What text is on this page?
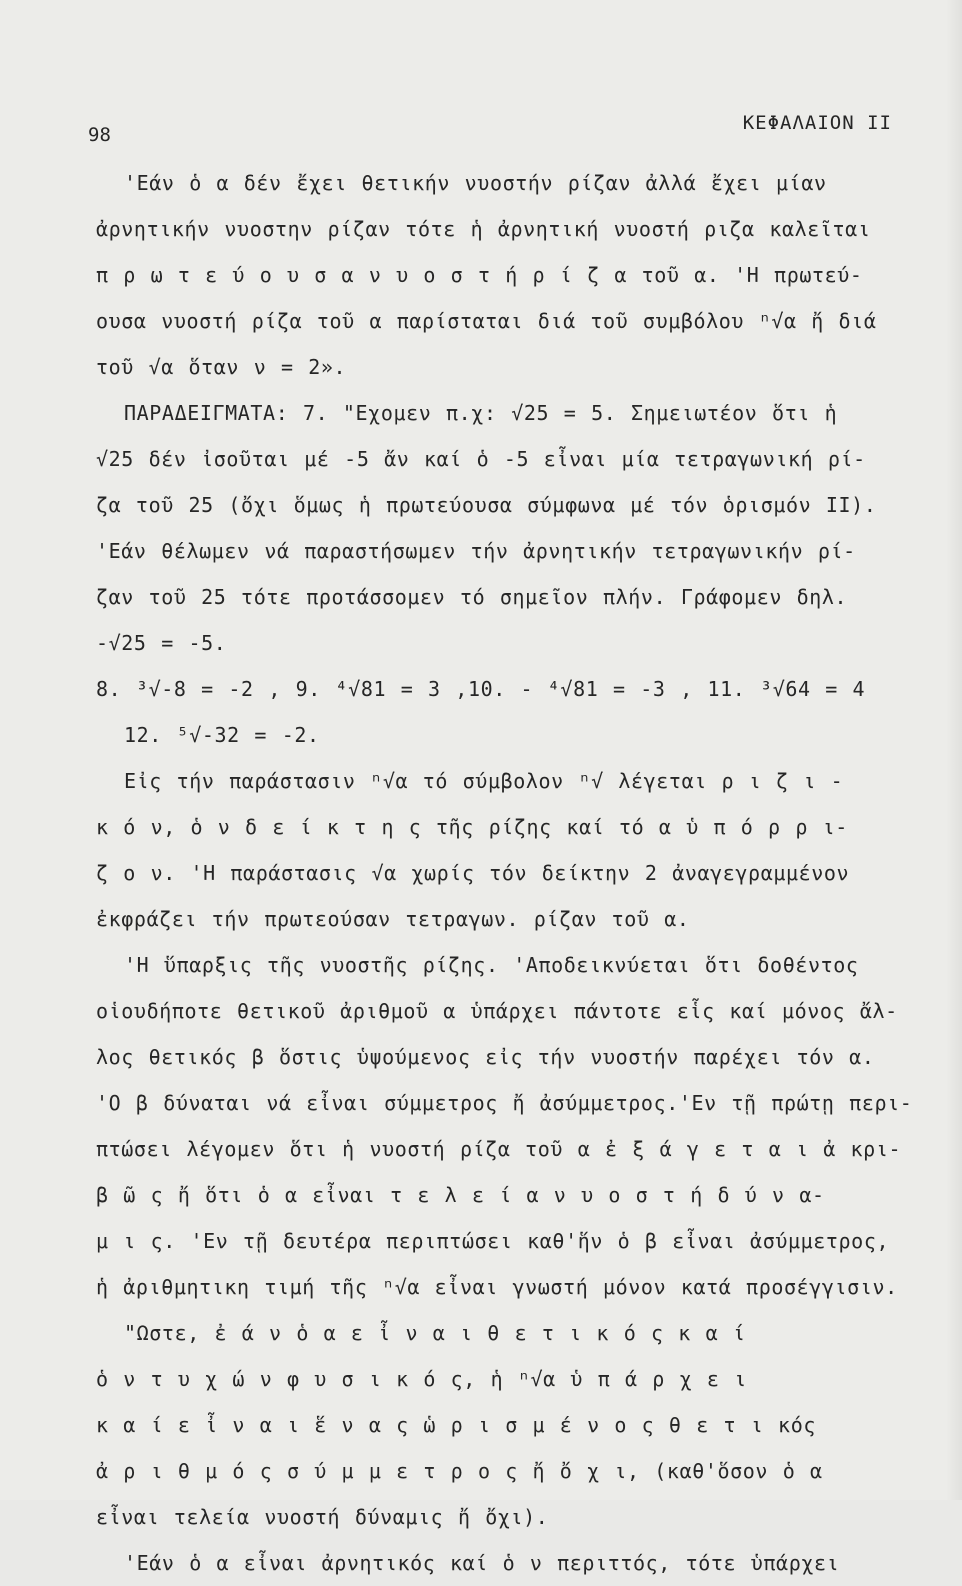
98
ΚΕΦΑΛΑΙΟΝ II
'Εάν ὁ α δέν ἔχει θετικήν νυοστήν ρίζαν ἀλλά ἔχει μίαν
ἀρνητικήν νυοστην ρίζαν τότε ἡ ἀρνητική νυοστή ριζα καλεῖται
π ρ ω τ ε ύ ο υ σ α ν υ ο σ τ ή ρ ί ζ α τοῦ α. 'Η πρωτεύ-
ουσα νυοστή ρίζα τοῦ α παρίσταται διά τοῦ συμβόλου ⁿ√α ἤ διά
τοῦ √α ὅταν ν = 2».
ΠΑΡΑΔΕΙΓΜΑΤΑ: 7. "Εχομεν π.χ: √25 = 5. Σημειωτέον ὅτι ἡ
√25 δέν ἰσοῦται μέ -5 ἄν καί ὁ -5 εἶναι μία τετραγωνική ρί-
ζα τοῦ 25 (ὄχι ὅμως ἡ πρωτεύουσα σύμφωνα μέ τόν ὁρισμόν II).
'Εάν θέλωμεν νά παραστήσωμεν τήν ἀρνητικήν τετραγωνικήν ρί-
ζαν τοῦ 25 τότε προτάσσομεν τό σημεῖον πλήν. Γράφομεν δηλ.
-√25 = -5.
8. ³√-8 = -2 , 9. ⁴√81 = 3 ,10. - ⁴√81 = -3 , 11. ³√64 = 4
12. ⁵√-32 = -2.
Εἰς τήν παράστασιν ⁿ√α τό σύμβολον ⁿ√ λέγεται ρ ι ζ ι -
κ ό ν, ὁ ν δ ε ί κ τ η ς τῆς ρίζης καί τό α ὑ π ό ρ ρ ι-
ζ ο ν. 'Η παράστασις √α χωρίς τόν δείκτην 2 ἀναγεγραμμένον
ἐκφράζει τήν πρωτεούσαν τετραγων. ρίζαν τοῦ α.
'Η ὕπαρξις τῆς νυοστῆς ρίζης. 'Αποδεικνύεται ὅτι δοθέντος
οἱουδήποτε θετικοῦ ἀριθμοῦ α ὑπάρχει πάντοτε εἷς καί μόνος ἄλ-
λος θετικός β ὅστις ὑψούμενος εἰς τήν νυοστήν παρέχει τόν α.
'Ο β δύναται νά εἶναι σύμμετρος ἤ ἀσύμμετρος.'Εν τῇ πρώτῃ περι-
πτώσει λέγομεν ὅτι ἡ νυοστή ρίζα τοῦ α ἐ ξ ά γ ε τ α ι ἀ κρι-
β ῶ ς ἤ ὅτι ὁ α εἶναι τ ε λ ε ί α ν υ ο σ τ ή δ ύ ν α-
μ ι ς. 'Εν τῇ δευτέρα περιπτώσει καθ'ἥν ὁ β εἶναι ἀσύμμετρος,
ἡ ἀριθμητικη τιμή τῆς ⁿ√α εἶναι γνωστή μόνον κατά προσέγγισιν.
"Ωστε, ἐ ά ν ὁ α ε ἶ ν α ι θ ε τ ι κ ό ς κ α ί
ὁ ν τ υ χ ώ ν φ υ σ ι κ ό ς, ἡ ⁿ√α ὑ π ά ρ χ ε ι
κ α ί ε ἶ ν α ι ἕ ν α ς ὡ ρ ι σ μ έ ν ο ς θ ε τ ι κός
ἀ ρ ι θ μ ό ς σ ύ μ μ ε τ ρ ο ς ἤ ὄ χ ι, (καθ'ὅσον ὁ α
εἶναι τελεία νυοστή δύναμις ἤ ὄχι).
'Εάν ὁ α εἶναι ἀρνητικός καί ὁ ν περιττός, τότε ὑπάρχει
